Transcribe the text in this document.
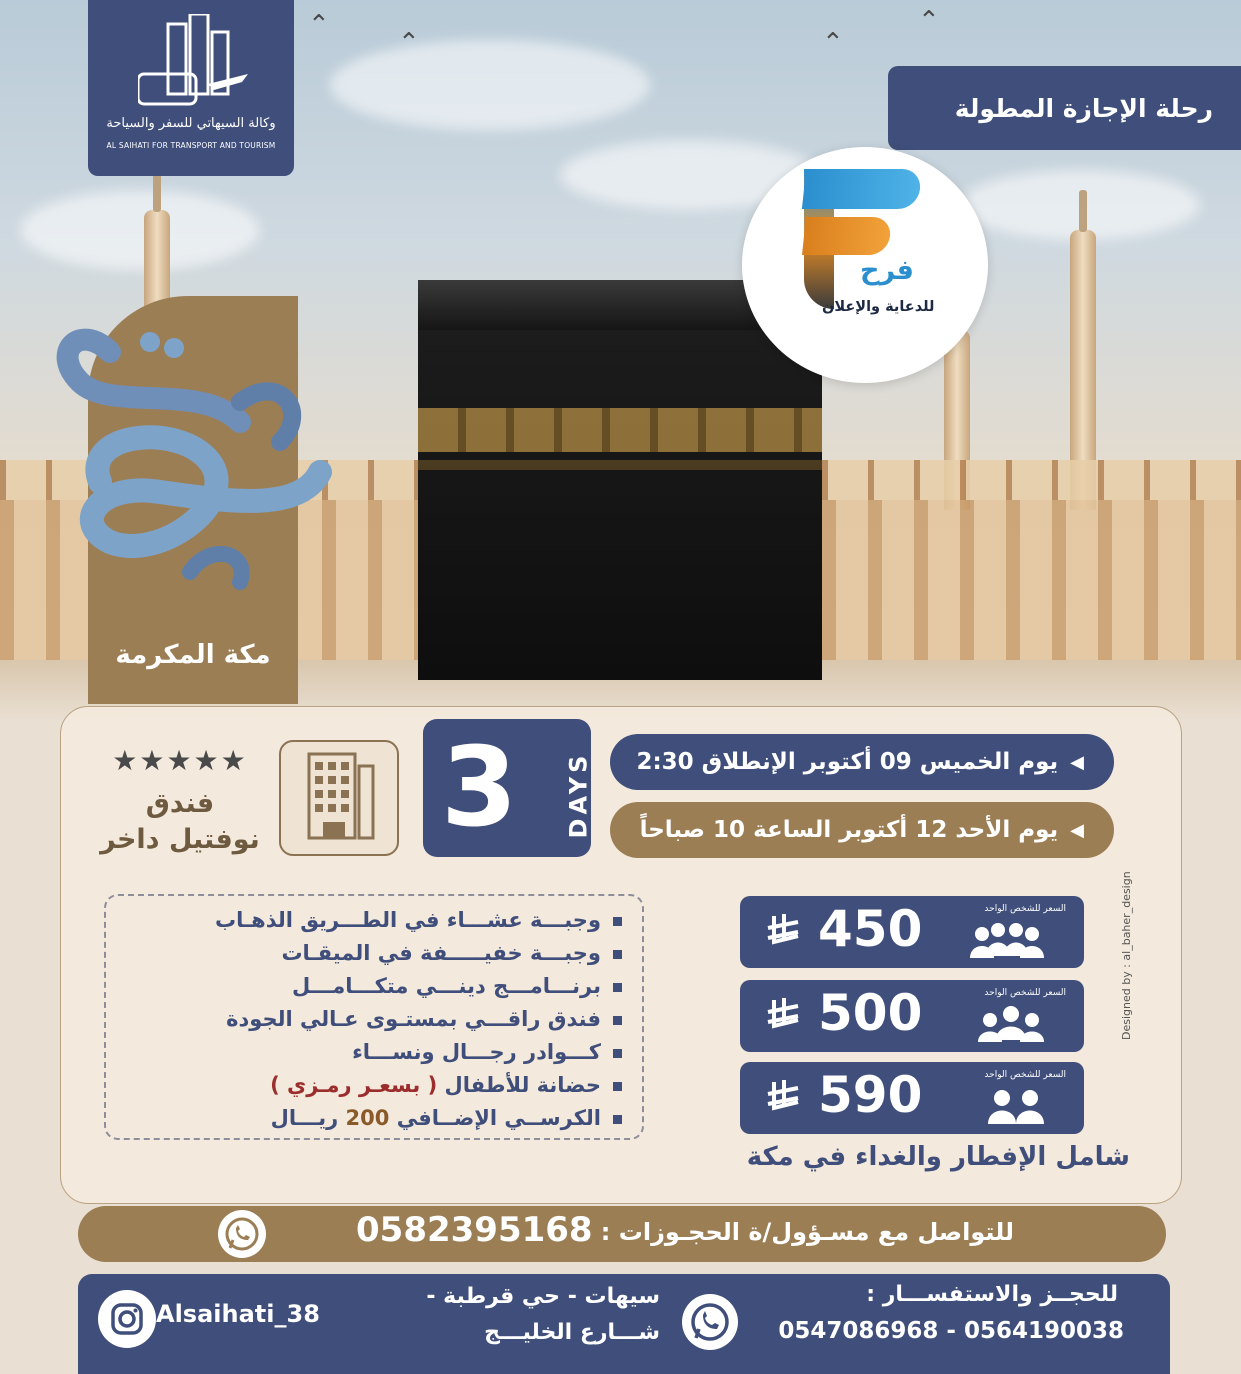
⌃
⌃	⌃
⌃
وكالة السيهاتي للسفر والسياحة
AL SAIHATI FOR TRANSPORT AND TOURISM
رحلة الإجازة المطولة
فرح
للدعاية والإعلان
مكة المكرمة
★★★★★
فندق
نوفتيل داخر 3 DAYS يوم الخميس 09 أكتوبر الإنطلاق 2:30 ◀
يوم الأحد 12 أكتوبر الساعة 10 صباحاً ◀
وجبـــة عشـــاء في الطـــريق الذهـاب
وجبـــة خفيـــــفة في الميقـات
برنـــامـــج دينـــي متكـــامـــل
فندق راقـــي بمستـوى عـالي الجودة
كـــوادر رجـــال ونســـاء
حضانة للأطفال ( بسعـر رمـزي )
الكرســي الإضــافي 200 ريـــال
450	السعر للشخص الواحد
500	السعر للشخص الواحد
590	السعر للشخص الواحد
شامل الإفطار والغداء في مكة
Designed by : al_baher_design
للتواصل مع مسـؤول/ة الحجـوزات :
0582395168
للحجــز والاستفســـار :
0547086968 - 0564190038
سيهات - حي قرطبة -
شـــارع الخليـــج
Alsaihati_38
